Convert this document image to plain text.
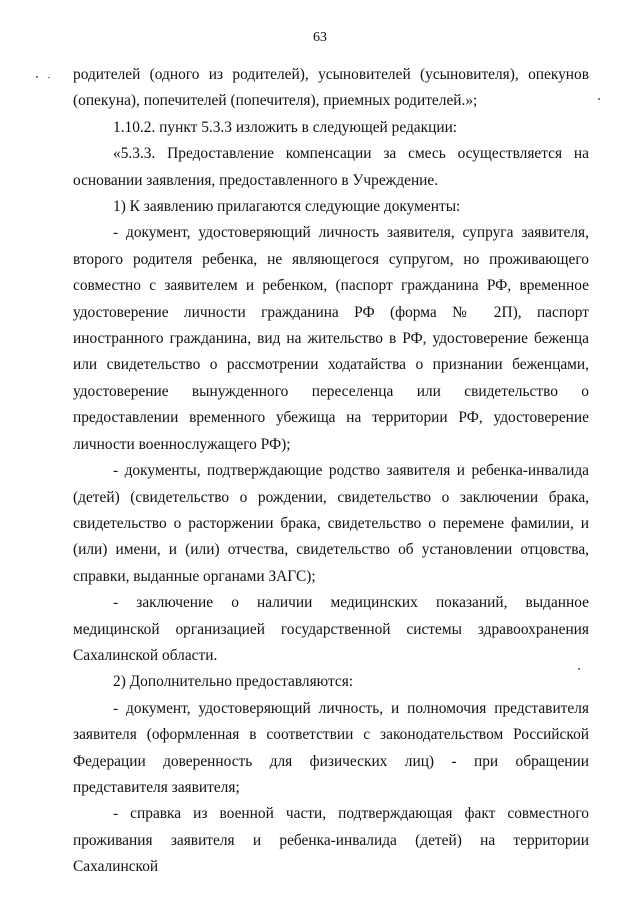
63

родителей (одного из родителей), усыновителей (усыновителя), опекунов (опекуна), попечителей (попечителя), приемных родителей.»;

1.10.2. пункт 5.3.3 изложить в следующей редакции:

«5.3.3. Предоставление компенсации за смесь осуществляется на основании заявления, предоставленного в Учреждение.

1) К заявлению прилагаются следующие документы:

- документ, удостоверяющий личность заявителя, супруга заявителя, второго родителя ребенка, не являющегося супругом, но проживающего совместно с заявителем и ребенком, (паспорт гражданина РФ, временное удостоверение личности гражданина РФ (форма № 2П), паспорт иностранного гражданина, вид на жительство в РФ, удостоверение беженца или свидетельство о рассмотрении ходатайства о признании беженцами, удостоверение вынужденного переселенца или свидетельство о предоставлении временного убежища на территории РФ, удостоверение личности военнослужащего РФ);

- документы, подтверждающие родство заявителя и ребенка-инвалида (детей) (свидетельство о рождении, свидетельство о заключении брака, свидетельство о расторжении брака, свидетельство о перемене фамилии, и (или) имени, и (или) отчества, свидетельство об установлении отцовства, справки, выданные органами ЗАГС);

- заключение о наличии медицинских показаний, выданное медицинской организацией государственной системы здравоохранения Сахалинской области.

2) Дополнительно предоставляются:

- документ, удостоверяющий личность, и полномочия представителя заявителя (оформленная в соответствии с законодательством Российской Федерации доверенность для физических лиц) - при обращении представителя заявителя;

- справка из военной части, подтверждающая факт совместного проживания заявителя и ребенка-инвалида (детей) на территории Сахалинской
